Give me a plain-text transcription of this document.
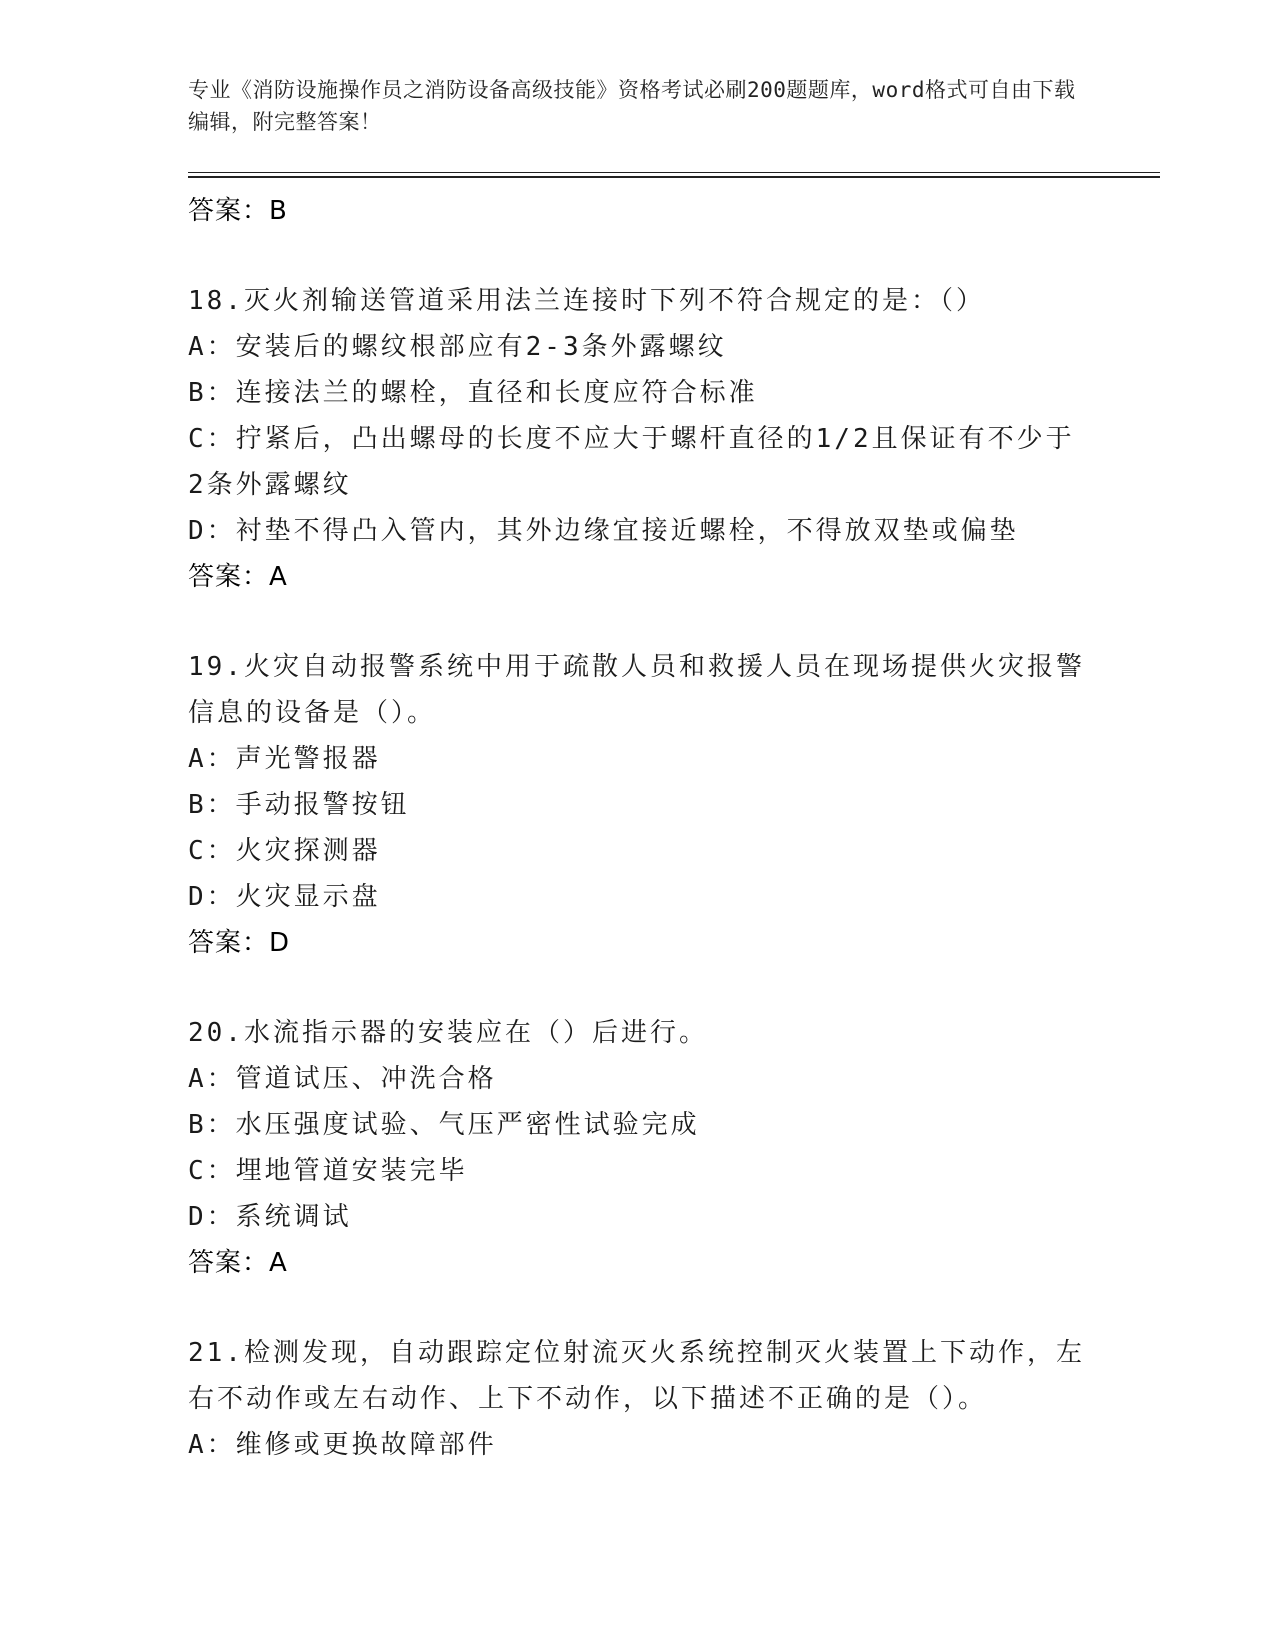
专业《消防设施操作员之消防设备高级技能》资格考试必刷200题题库，word格式可自由下载编辑，附完整答案！
答案：B
18.灭火剂输送管道采用法兰连接时下列不符合规定的是：（）
A：安装后的螺纹根部应有2-3条外露螺纹
B：连接法兰的螺栓，直径和长度应符合标准
C：拧紧后，凸出螺母的长度不应大于螺杆直径的1/2且保证有不少于2条外露螺纹
D：衬垫不得凸入管内，其外边缘宜接近螺栓，不得放双垫或偏垫
答案：A
19.火灾自动报警系统中用于疏散人员和救援人员在现场提供火灾报警信息的设备是（）。
A：声光警报器
B：手动报警按钮
C：火灾探测器
D：火灾显示盘
答案：D
20.水流指示器的安装应在（）后进行。
A：管道试压、冲洗合格
B：水压强度试验、气压严密性试验完成
C：埋地管道安装完毕
D：系统调试
答案：A
21.检测发现，自动跟踪定位射流灭火系统控制灭火装置上下动作，左右不动作或左右动作、上下不动作，以下描述不正确的是（）。
A：维修或更换故障部件
